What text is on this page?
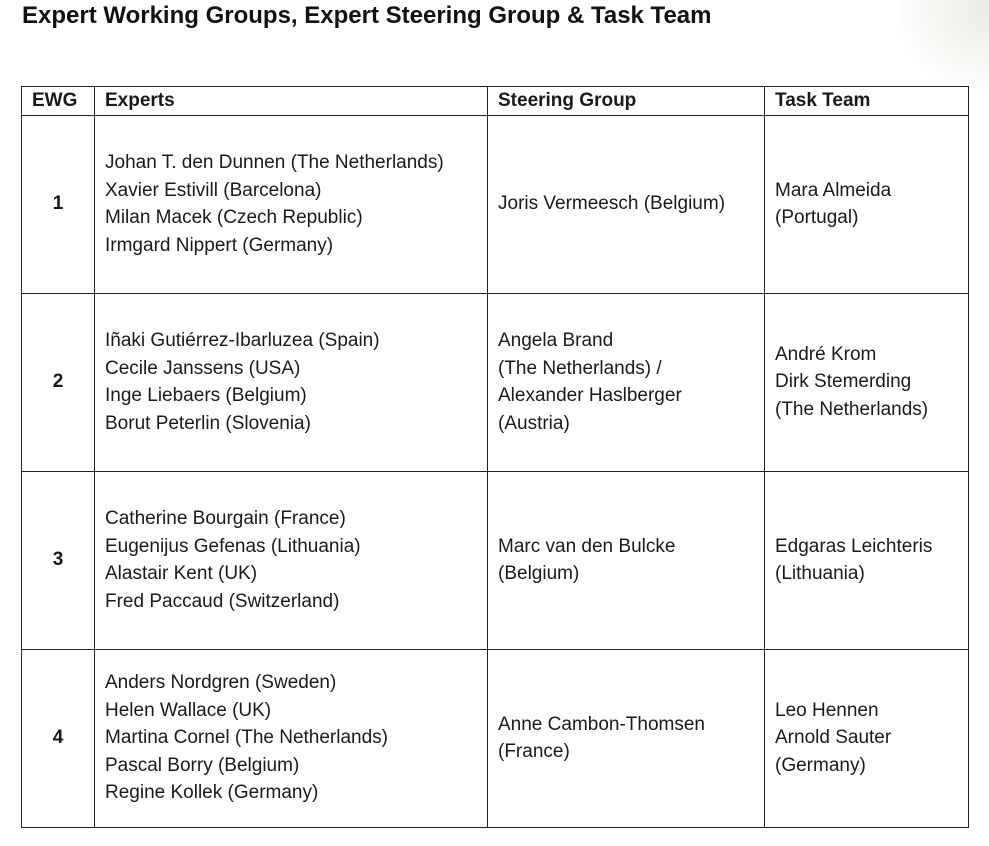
Expert Working Groups, Expert Steering Group & Task Team
EWG	Experts	Steering Group	Task Team
1	Johan T. den Dunnen (The Netherlands)
Xavier Estivill (Barcelona)
Milan Macek (Czech Republic)
Irmgard Nippert (Germany)	Joris Vermeesch (Belgium)	Mara Almeida
(Portugal)

2	Iñaki Gutiérrez-Ibarluzea (Spain)
Cecile Janssens (USA)
Inge Liebaers (Belgium)
Borut Peterlin (Slovenia)	Angela Brand
(The Netherlands) /
Alexander Haslberger
(Austria)	André Krom
Dirk Stemerding
(The Netherlands)

3	Catherine Bourgain (France)
Eugenijus Gefenas (Lithuania)
Alastair Kent (UK)
Fred Paccaud (Switzerland)	Marc van den Bulcke
(Belgium)	Edgaras Leichteris
(Lithuania)

4	Anders Nordgren (Sweden)
Helen Wallace (UK)
Martina Cornel (The Netherlands)
Pascal Borry (Belgium)
Regine Kollek (Germany)	Anne Cambon-Thomsen
(France)	Leo Hennen
Arnold Sauter
(Germany)
